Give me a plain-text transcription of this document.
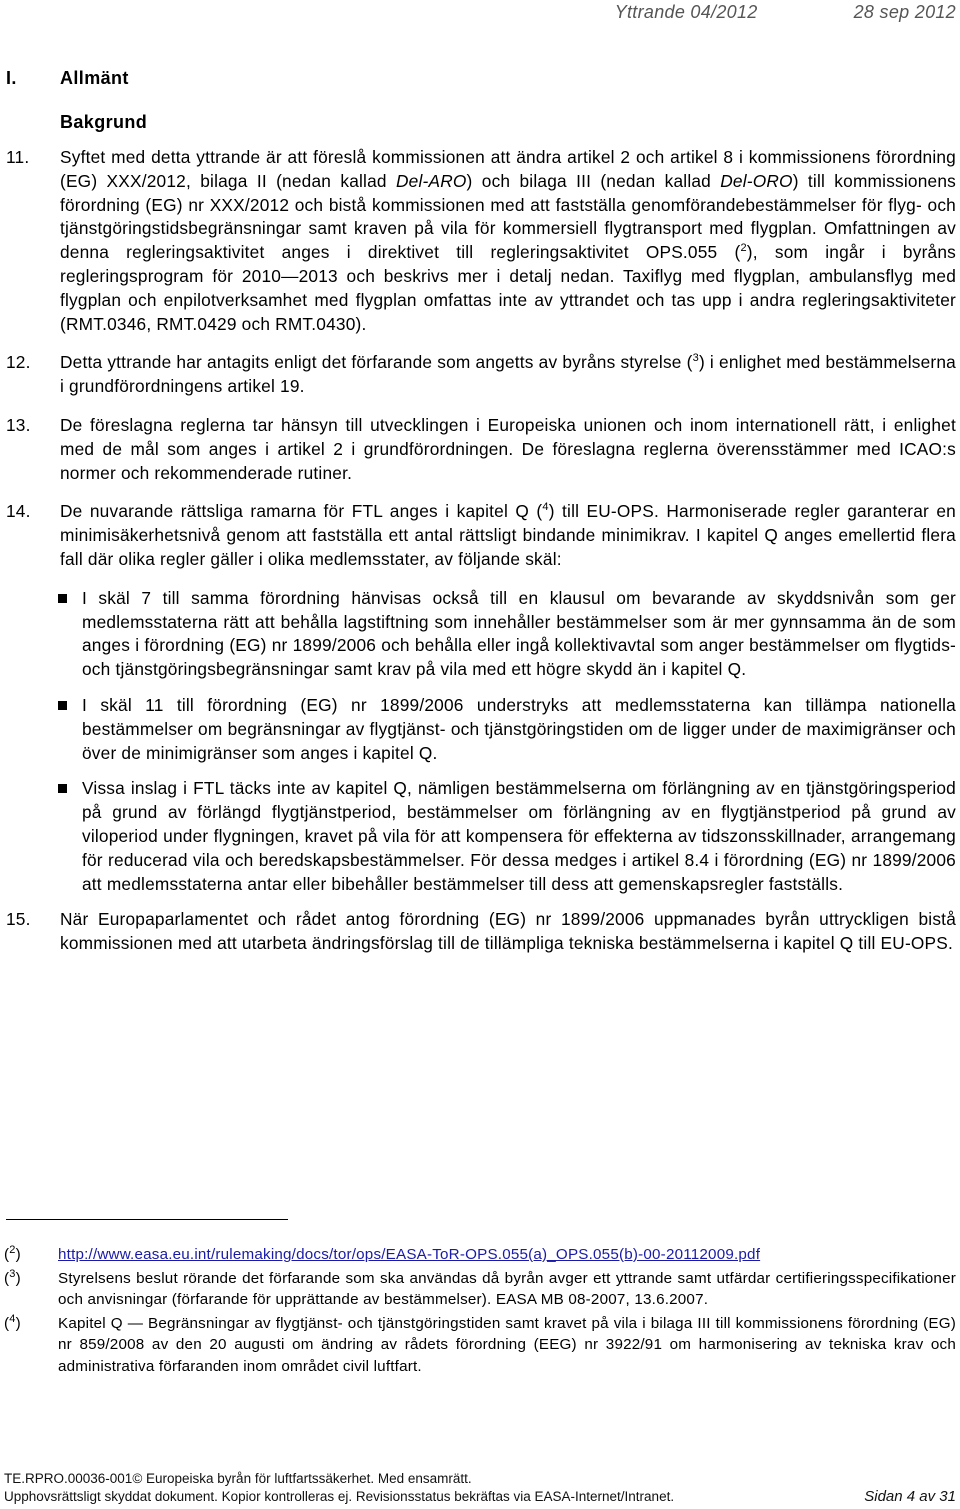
Yttrande 04/2012	28 sep 2012
I. Allmänt
Bakgrund
11.	Syftet med detta yttrande är att föreslå kommissionen att ändra artikel 2 och artikel 8 i kommissionens förordning (EG) XXX/2012, bilaga II (nedan kallad Del-ARO) och bilaga III (nedan kallad Del-ORO) till kommissionens förordning (EG) nr XXX/2012 och bistå kommissionen med att fastställa genomförandebestämmelser för flyg- och tjänstgöringstidsbegränsningar samt kraven på vila för kommersiell flygtransport med flygplan. Omfattningen av denna regleringsaktivitet anges i direktivet till regleringsaktivitet OPS.055 ($^2$), som ingår i byråns regleringsprogram för 2010—2013 och beskrivs mer i detalj nedan. Taxiflyg med flygplan, ambulansflyg med flygplan och enpilotverksamhet med flygplan omfattas inte av yttrandet och tas upp i andra regleringsaktiviteter (RMT.0346, RMT.0429 och RMT.0430).
12.	Detta yttrande har antagits enligt det förfarande som angetts av byråns styrelse ($^3$) i enlighet med bestämmelserna i grundförordningens artikel 19.
13.	De föreslagna reglerna tar hänsyn till utvecklingen i Europeiska unionen och inom internationell rätt, i enlighet med de mål som anges i artikel 2 i grundförordningen. De föreslagna reglerna överensstämmer med ICAO:s normer och rekommenderade rutiner.
14.	De nuvarande rättsliga ramarna för FTL anges i kapitel Q ($^4$) till EU-OPS. Harmoniserade regler garanterar en minimisäkerhetsnivå genom att fastställa ett antal rättsligt bindande minimikrav. I kapitel Q anges emellertid flera fall där olika regler gäller i olika medlemsstater, av följande skäl:
I skäl 7 till samma förordning hänvisas också till en klausul om bevarande av skyddsnivån som ger medlemsstaterna rätt att behålla lagstiftning som innehåller bestämmelser som är mer gynnsamma än de som anges i förordning (EG) nr 1899/2006 och behålla eller ingå kollektivavtal som anger bestämmelser om flygtids- och tjänstgöringsbegränsningar samt krav på vila med ett högre skydd än i kapitel Q.
I skäl 11 till förordning (EG) nr 1899/2006 understryks att medlemsstaterna kan tillämpa nationella bestämmelser om begränsningar av flygtjänst- och tjänstgöringstiden om de ligger under de maximigränser och över de minimigränser som anges i kapitel Q.
Vissa inslag i FTL täcks inte av kapitel Q, nämligen bestämmelserna om förlängning av en tjänstgöringsperiod på grund av förlängd flygtjänstperiod, bestämmelser om förlängning av en flygtjänstperiod på grund av viloperiod under flygningen, kravet på vila för att kompensera för effekterna av tidszonsskillnader, arrangemang för reducerad vila och beredskapsbestämmelser. För dessa medges i artikel 8.4 i förordning (EG) nr 1899/2006 att medlemsstaterna antar eller bibehåller bestämmelser till dess att gemenskapsregler fastställs.
15.	När Europaparlamentet och rådet antog förordning (EG) nr 1899/2006 uppmanades byrån uttryckligen bistå kommissionen med att utarbeta ändringsförslag till de tillämpliga tekniska bestämmelserna i kapitel Q till EU-OPS.
($^2$)	http://www.easa.eu.int/rulemaking/docs/tor/ops/EASA-ToR-OPS.055(a)_OPS.055(b)-00-20112009.pdf
($^3$)	Styrelsens beslut rörande det förfarande som ska användas då byrån avger ett yttrande samt utfärdar certifieringsspecifikationer och anvisningar (förfarande för upprättande av bestämmelser). EASA MB 08-2007, 13.6.2007.
($^4$)	Kapitel Q — Begränsningar av flygtjänst- och tjänstgöringstiden samt kravet på vila i bilaga III till kommissionens förordning (EG) nr 859/2008 av den 20 augusti om ändring av rådets förordning (EEG) nr 3922/91 om harmonisering av tekniska krav och administrativa förfaranden inom området civil luftfart.
TE.RPRO.00036-001© Europeiska byrån för luftfartssäkerhet. Med ensamrätt.
Upphovsrättsligt skyddat dokument. Kopior kontrolleras ej. Revisionsstatus bekräftas via EASA-Internet/Intranet.	Sidan 4 av 31
